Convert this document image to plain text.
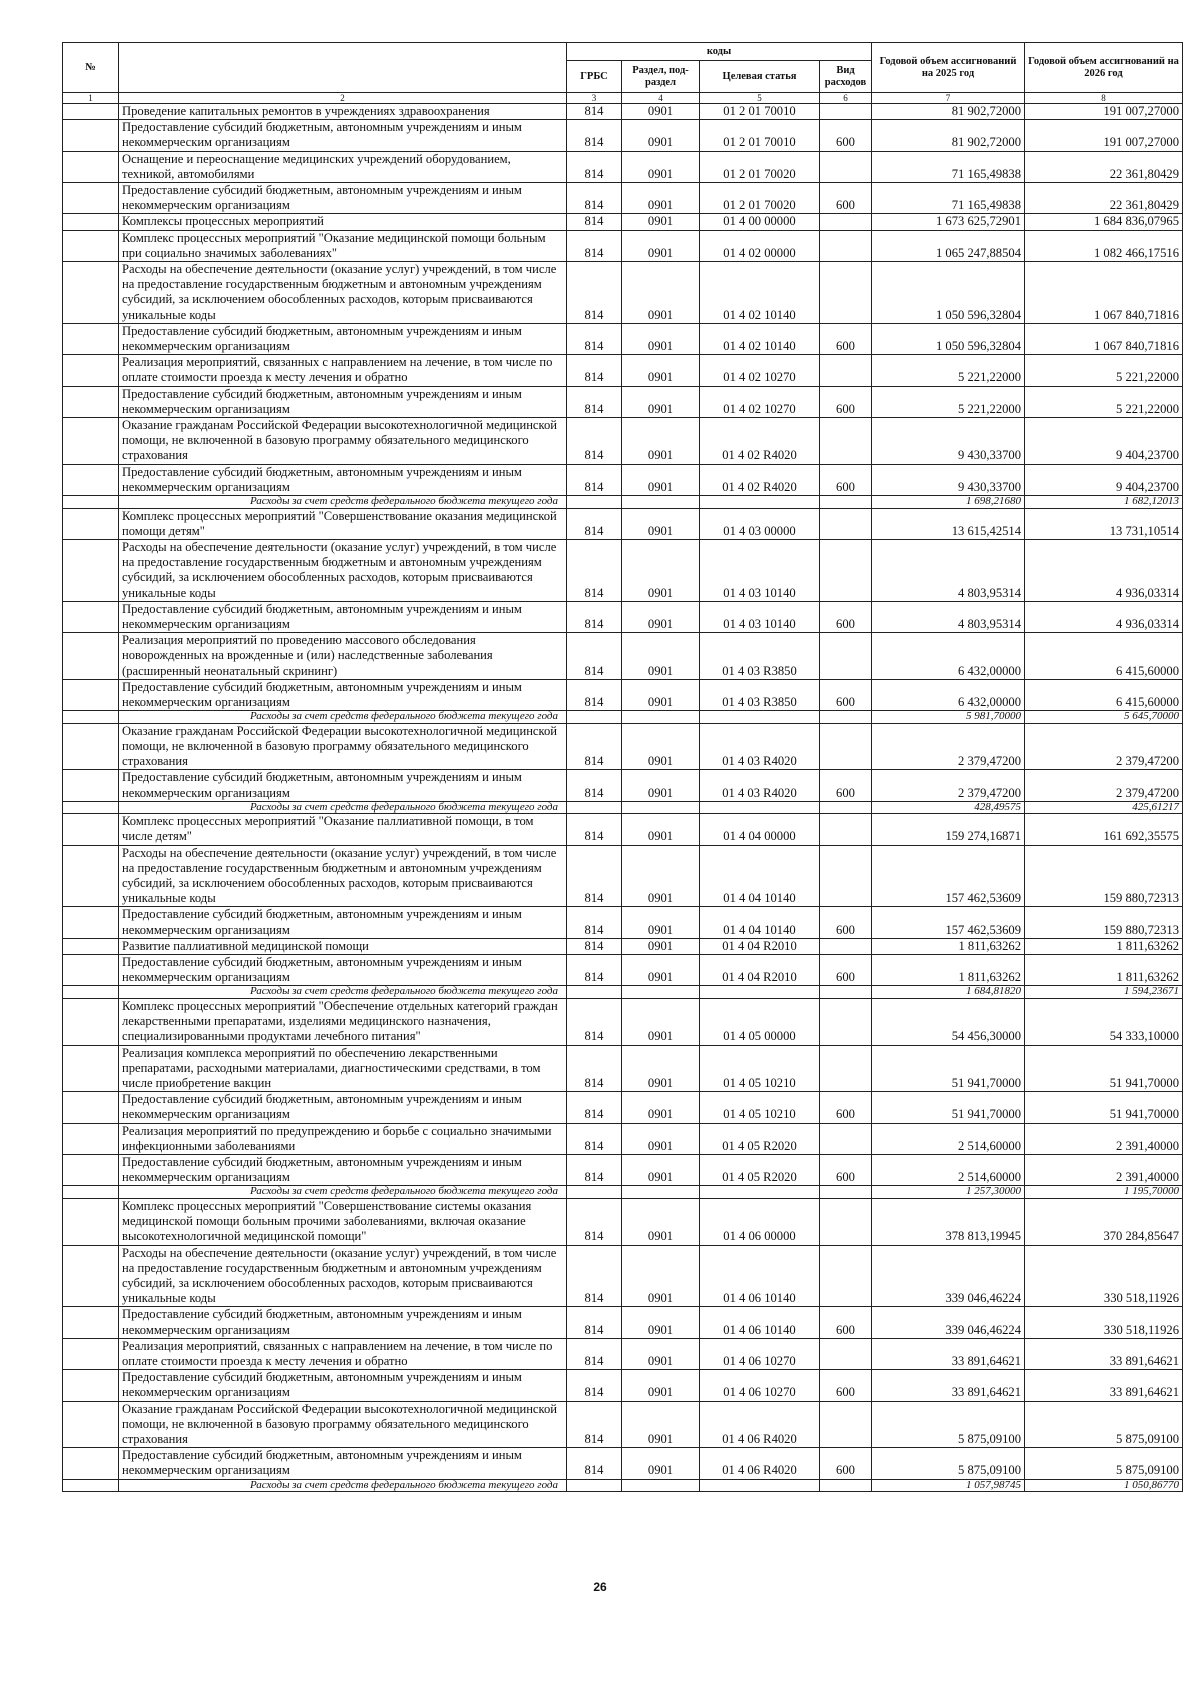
№		коды				Годовой объем ассигнований на 2025 год	Годовой объем ассигнований на 2026 год
		ГРБС	Раздел, под-раздел	Целевая статья	Вид расходов		
1	2	3	4	5	6	7	8
	Проведение капитальных ремонтов в учреждениях здравоохранения	814	0901	01 2 01 70010		81 902,72000	191 007,27000
	Предоставление субсидий бюджетным, автономным учреждениям и иным некоммерческим организациям	814	0901	01 2 01 70010	600	81 902,72000	191 007,27000
	Оснащение и переоснащение медицинских учреждений оборудованием, техникой, автомобилями	814	0901	01 2 01 70020		71 165,49838	22 361,80429
	Предоставление субсидий бюджетным, автономным учреждениям и иным некоммерческим организациям	814	0901	01 2 01 70020	600	71 165,49838	22 361,80429
	Комплексы процессных мероприятий	814	0901	01 4 00 00000		1 673 625,72901	1 684 836,07965
	Комплекс процессных мероприятий "Оказание медицинской помощи больным при социально значимых заболеваниях"	814	0901	01 4 02 00000		1 065 247,88504	1 082 466,17516
	Расходы на обеспечение деятельности (оказание услуг) учреждений, в том числе на предоставление государственным бюджетным и автономным учреждениям субсидий, за исключением обособленных расходов, которым присваиваются уникальные коды	814	0901	01 4 02 10140		1 050 596,32804	1 067 840,71816
	Предоставление субсидий бюджетным, автономным учреждениям и иным некоммерческим организациям	814	0901	01 4 02 10140	600	1 050 596,32804	1 067 840,71816
	Реализация мероприятий, связанных с направлением на лечение, в том числе по оплате стоимости проезда к месту лечения и обратно	814	0901	01 4 02 10270		5 221,22000	5 221,22000
	Предоставление субсидий бюджетным, автономным учреждениям и иным некоммерческим организациям	814	0901	01 4 02 10270	600	5 221,22000	5 221,22000
	Оказание гражданам Российской Федерации высокотехнологичной медицинской помощи, не включенной в базовую программу обязательного медицинского страхования	814	0901	01 4 02 R4020		9 430,33700	9 404,23700
	Предоставление субсидий бюджетным, автономным учреждениям и иным некоммерческим организациям	814	0901	01 4 02 R4020	600	9 430,33700	9 404,23700
	Расходы за счет средств федерального бюджета текущего года					1 698,21680	1 682,12013
	Комплекс процессных мероприятий "Совершенствование оказания медицинской помощи детям"	814	0901	01 4 03 00000		13 615,42514	13 731,10514
	Расходы на обеспечение деятельности (оказание услуг) учреждений, в том числе на предоставление государственным бюджетным и автономным учреждениям субсидий, за исключением обособленных расходов, которым присваиваются уникальные коды	814	0901	01 4 03 10140		4 803,95314	4 936,03314
	Предоставление субсидий бюджетным, автономным учреждениям и иным некоммерческим организациям	814	0901	01 4 03 10140	600	4 803,95314	4 936,03314
	Реализация мероприятий по проведению массового обследования новорожденных на врожденные и (или) наследственные заболевания (расширенный неонатальный скрининг)	814	0901	01 4 03 R3850		6 432,00000	6 415,60000
	Предоставление субсидий бюджетным, автономным учреждениям и иным некоммерческим организациям	814	0901	01 4 03 R3850	600	6 432,00000	6 415,60000
	Расходы за счет средств федерального бюджета текущего года					5 981,70000	5 645,70000
	Оказание гражданам Российской Федерации высокотехнологичной медицинской помощи, не включенной в базовую программу обязательного медицинского страхования	814	0901	01 4 03 R4020		2 379,47200	2 379,47200
	Предоставление субсидий бюджетным, автономным учреждениям и иным некоммерческим организациям	814	0901	01 4 03 R4020	600	2 379,47200	2 379,47200
	Расходы за счет средств федерального бюджета текущего года					428,49575	425,61217
	Комплекс процессных мероприятий "Оказание паллиативной помощи, в том числе детям"	814	0901	01 4 04 00000		159 274,16871	161 692,35575
	Расходы на обеспечение деятельности (оказание услуг) учреждений, в том числе на предоставление государственным бюджетным и автономным учреждениям субсидий, за исключением обособленных расходов, которым присваиваются уникальные коды	814	0901	01 4 04 10140		157 462,53609	159 880,72313
	Предоставление субсидий бюджетным, автономным учреждениям и иным некоммерческим организациям	814	0901	01 4 04 10140	600	157 462,53609	159 880,72313
	Развитие паллиативной медицинской помощи	814	0901	01 4 04 R2010		1 811,63262	1 811,63262
	Предоставление субсидий бюджетным, автономным учреждениям и иным некоммерческим организациям	814	0901	01 4 04 R2010	600	1 811,63262	1 811,63262
	Расходы за счет средств федерального бюджета текущего года					1 684,81820	1 594,23671
	Комплекс процессных мероприятий "Обеспечение отдельных категорий граждан лекарственными препаратами, изделиями медицинского назначения, специализированными продуктами лечебного питания"	814	0901	01 4 05 00000		54 456,30000	54 333,10000
	Реализация комплекса мероприятий по обеспечению лекарственными препаратами, расходными материалами, диагностическими средствами, в том числе приобретение вакцин	814	0901	01 4 05 10210		51 941,70000	51 941,70000
	Предоставление субсидий бюджетным, автономным учреждениям и иным некоммерческим организациям	814	0901	01 4 05 10210	600	51 941,70000	51 941,70000
	Реализация мероприятий по предупреждению и борьбе с социально значимыми инфекционными заболеваниями	814	0901	01 4 05 R2020		2 514,60000	2 391,40000
	Предоставление субсидий бюджетным, автономным учреждениям и иным некоммерческим организациям	814	0901	01 4 05 R2020	600	2 514,60000	2 391,40000
	Расходы за счет средств федерального бюджета текущего года					1 257,30000	1 195,70000
	Комплекс процессных мероприятий "Совершенствование системы оказания медицинской помощи больным прочими заболеваниями, включая оказание высокотехнологичной медицинской помощи"	814	0901	01 4 06 00000		378 813,19945	370 284,85647
	Расходы на обеспечение деятельности (оказание услуг) учреждений, в том числе на предоставление государственным бюджетным и автономным учреждениям субсидий, за исключением обособленных расходов, которым присваиваются уникальные коды	814	0901	01 4 06 10140		339 046,46224	330 518,11926
	Предоставление субсидий бюджетным, автономным учреждениям и иным некоммерческим организациям	814	0901	01 4 06 10140	600	339 046,46224	330 518,11926
	Реализация мероприятий, связанных с направлением на лечение, в том числе по оплате стоимости проезда к месту лечения и обратно	814	0901	01 4 06 10270		33 891,64621	33 891,64621
	Предоставление субсидий бюджетным, автономным учреждениям и иным некоммерческим организациям	814	0901	01 4 06 10270	600	33 891,64621	33 891,64621
	Оказание гражданам Российской Федерации высокотехнологичной медицинской помощи, не включенной в базовую программу обязательного медицинского страхования	814	0901	01 4 06 R4020		5 875,09100	5 875,09100
	Предоставление субсидий бюджетным, автономным учреждениям и иным некоммерческим организациям	814	0901	01 4 06 R4020	600	5 875,09100	5 875,09100
	Расходы за счет средств федерального бюджета текущего года					1 057,98745	1 050,86770
26
